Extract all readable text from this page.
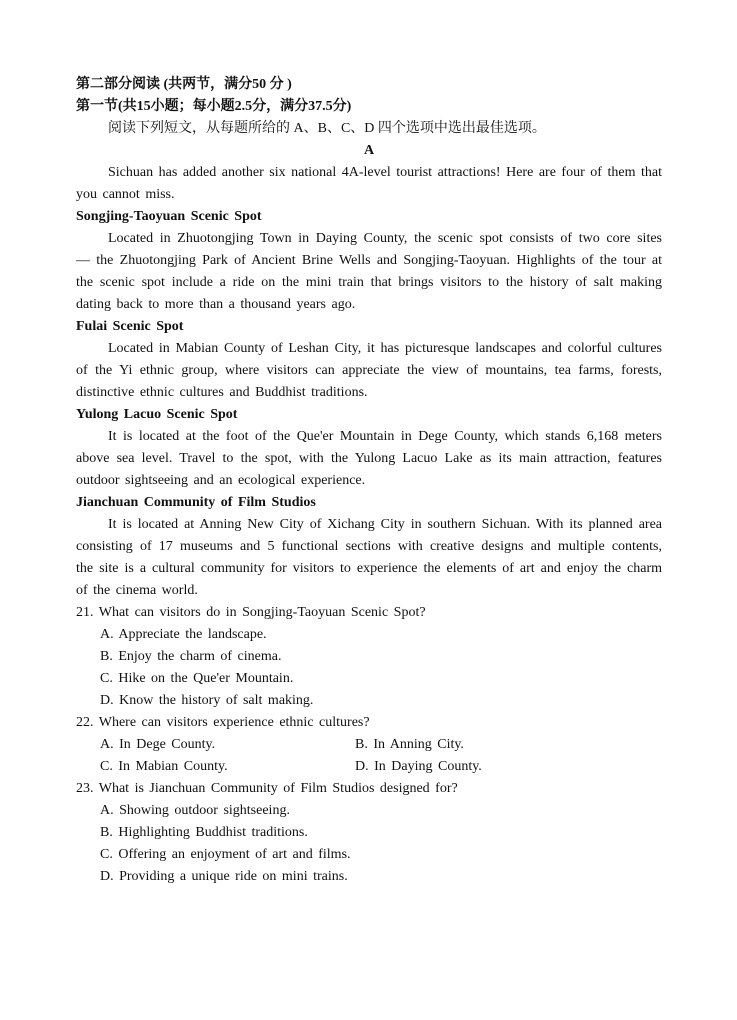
第二部分阅读 (共两节，满分50 分 )
第一节(共15小题；每小题2.5分，满分37.5分)
阅读下列短文，从每题所给的 A、B、C、D 四个选项中选出最佳选项。
A
Sichuan has added another six national 4A-level tourist attractions! Here are four of them that you cannot miss.
Songjing-Taoyuan Scenic Spot
Located in Zhuotongjing Town in Daying County, the scenic spot consists of two core sites — the Zhuotongjing Park of Ancient Brine Wells and Songjing-Taoyuan. Highlights of the tour at the scenic spot include a ride on the mini train that brings visitors to the history of salt making dating back to more than a thousand years ago.
Fulai Scenic Spot
Located in Mabian County of Leshan City, it has picturesque landscapes and colorful cultures of the Yi ethnic group, where visitors can appreciate the view of mountains, tea farms, forests, distinctive ethnic cultures and Buddhist traditions.
Yulong Lacuo Scenic Spot
It is located at the foot of the Que'er Mountain in Dege County, which stands 6,168 meters above sea level. Travel to the spot, with the Yulong Lacuo Lake as its main attraction, features outdoor sightseeing and an ecological experience.
Jianchuan Community of Film Studios
It is located at Anning New City of Xichang City in southern Sichuan. With its planned area consisting of 17 museums and 5 functional sections with creative designs and multiple contents, the site is a cultural community for visitors to experience the elements of art and enjoy the charm of the cinema world.
21. What can visitors do in Songjing-Taoyuan Scenic Spot?
A. Appreciate the landscape.
B. Enjoy the charm of cinema.
C. Hike on the Que'er Mountain.
D. Know the history of salt making.
22. Where can visitors experience ethnic cultures?
A. In Dege County.	B. In Anning City.
C. In Mabian County.	D. In Daying County.
23. What is Jianchuan Community of Film Studios designed for?
A. Showing outdoor sightseeing.
B. Highlighting Buddhist traditions.
C. Offering an enjoyment of art and films.
D. Providing a unique ride on mini trains.
